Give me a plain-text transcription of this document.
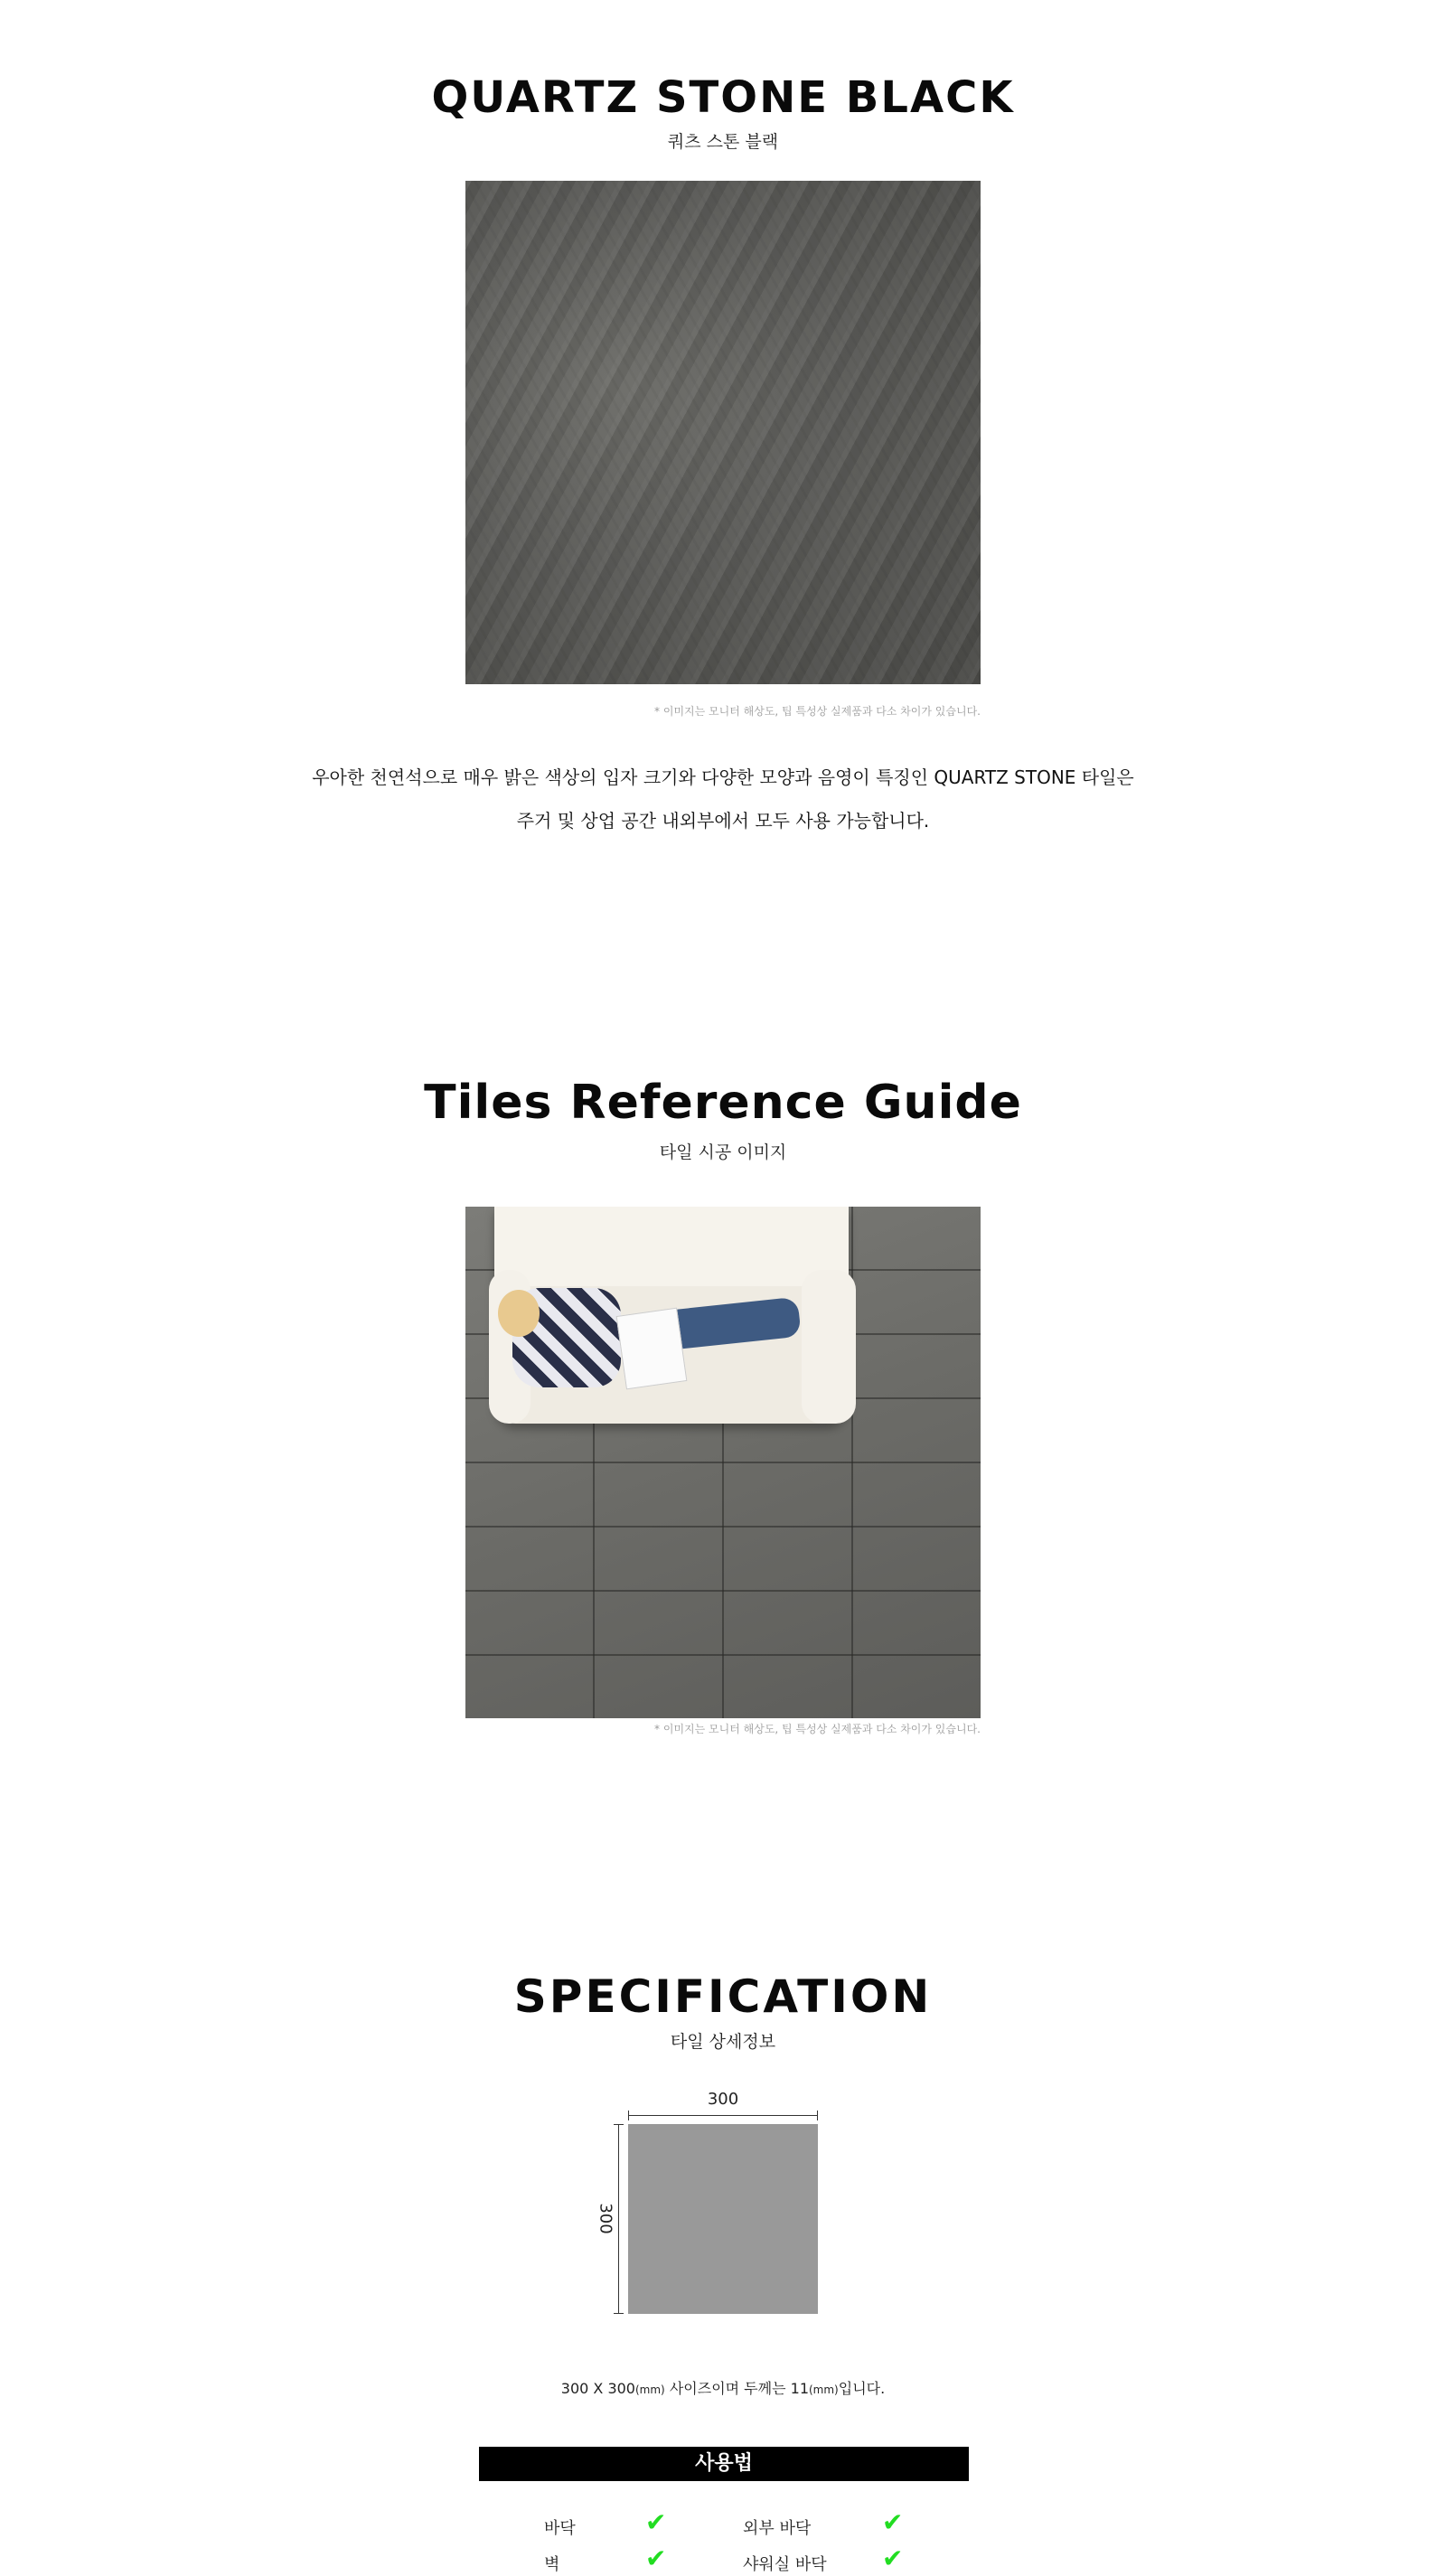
QUARTZ STONE BLACK
쿼츠 스톤 블랙
* 이미지는 모니터 해상도, 팁 특성상 실제품과 다소 차이가 있습니다.
우아한 천연석으로 매우 밝은 색상의 입자 크기와 다양한 모양과 음영이 특징인 QUARTZ STONE 타일은
주거 및 상업 공간 내외부에서 모두 사용 가능합니다.
Tiles Reference Guide
타일 시공 이미지
* 이미지는 모니터 해상도, 팁 특성상 실제품과 다소 차이가 있습니다.
SPECIFICATION
타일 상세정보
300
300
300 X 300(mm) 사이즈이며 두께는 11(mm)입니다.
사용법
바닥	✔	외부 바닥	✔
벽	✔	샤워실 바닥 ✔
